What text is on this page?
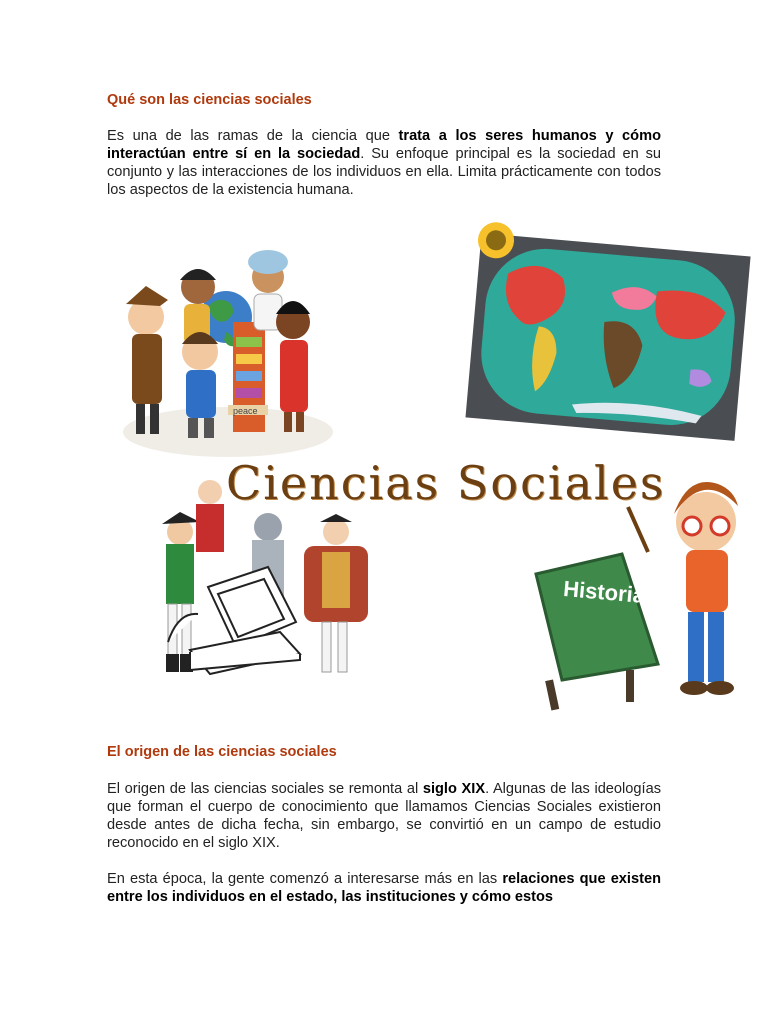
Qué son las ciencias sociales

Es una de las ramas de la ciencia que trata a los seres humanos y cómo interactúan entre sí en la sociedad. Su enfoque principal es la sociedad en su conjunto y las interacciones de los individuos en ella. Limita prácticamente con todos los aspectos de la existencia humana.

peace
Historia
Ciencias Sociales
El origen de las ciencias sociales

El origen de las ciencias sociales se remonta al siglo XIX. Algunas de las ideologías que forman el cuerpo de conocimiento que llamamos Ciencias Sociales existieron desde antes de dicha fecha, sin embargo, se convirtió en un campo de estudio reconocido en el siglo XIX.

En esta época, la gente comenzó a interesarse más en las relaciones que existen entre los individuos en el estado, las instituciones y cómo estos
